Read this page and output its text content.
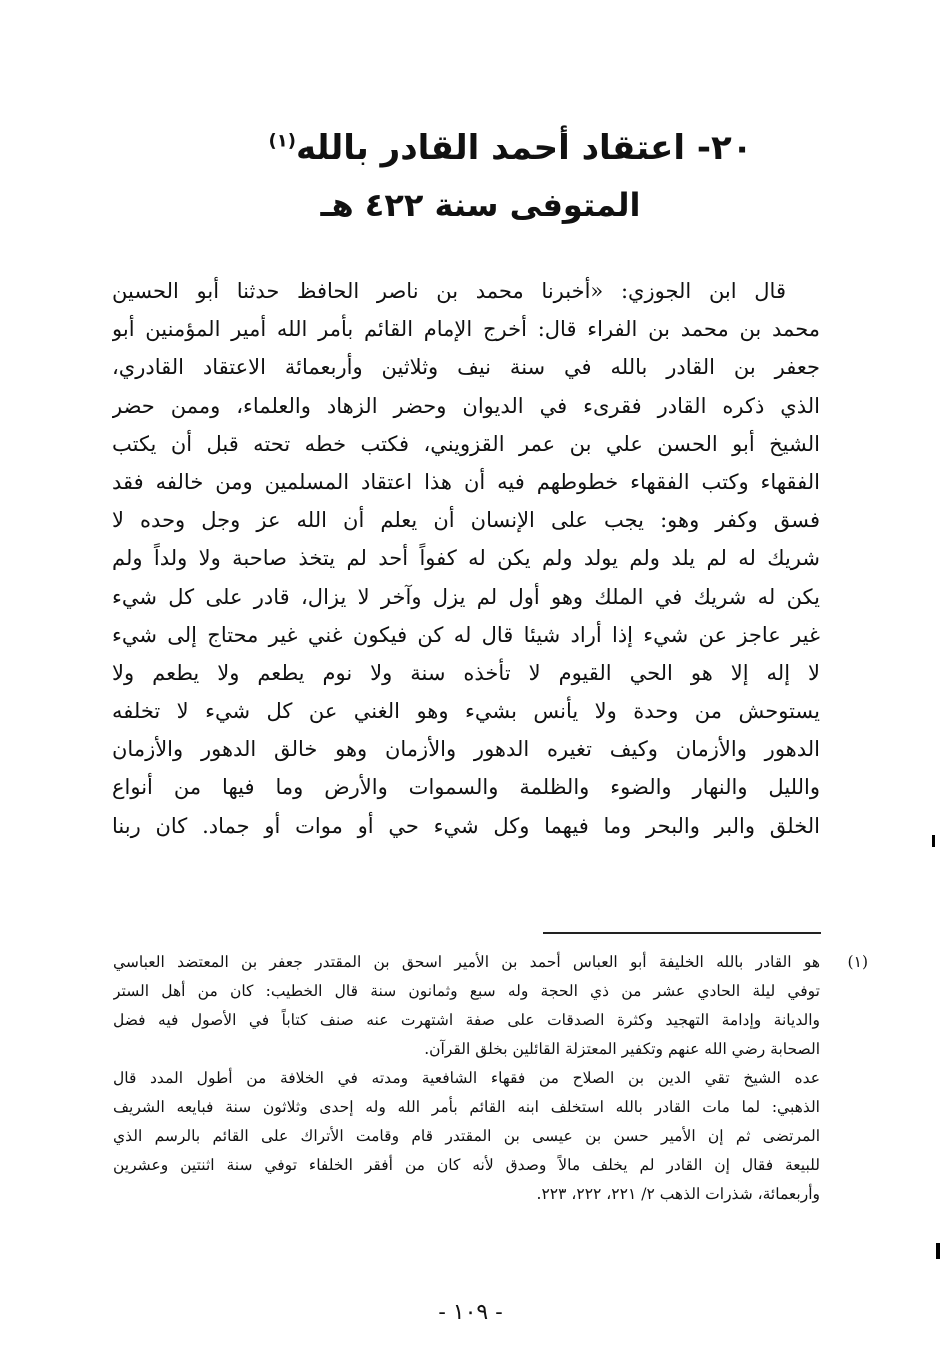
٢٠- اعتقاد أحمد القادر بالله$^{(١)}$
المتوفى سنة ٤٢٢ هـ
قال ابن الجوزي: «أخبرنا محمد بن ناصر الحافظ حدثنا أبو الحسين
محمد بن محمد بن الفراء قال: أخرج الإمام القائم بأمر الله أمير المؤمنين أبو
جعفر بن القادر بالله في سنة نيف وثلاثين وأربعمائة الاعتقاد القادري،
الذي ذكره القادر فقرىء في الديوان وحضر الزهاد والعلماء، وممن حضر
الشيخ أبو الحسن علي بن عمر القزويني، فكتب خطه تحته قبل أن يكتب
الفقهاء وكتب الفقهاء خطوطهم فيه أن هذا اعتقاد المسلمين ومن خالفه فقد
فسق وكفر وهو: يجب على الإنسان أن يعلم أن الله عز وجل وحده لا
شريك له لم يلد ولم يولد ولم يكن له كفواً أحد لم يتخذ صاحبة ولا ولداً ولم
يكن له شريك في الملك وهو أول لم يزل وآخر لا يزال، قادر على كل شيء
غير عاجز عن شيء إذا أراد شيئا قال له كن فيكون غني غير محتاج إلى شيء
لا إله إلا هو الحي القيوم لا تأخذه سنة ولا نوم يطعم ولا يطعم ولا
يستوحش من وحدة ولا يأنس بشيء وهو الغني عن كل شيء لا تخلفه
الدهور والأزمان وكيف تغيره الدهور والأزمان وهو خالق الدهور والأزمان
والليل والنهار والضوء والظلمة والسموات والأرض وما فيها من أنواع
الخلق والبر والبحر وما فيهما وكل شيء حي أو موات أو جماد. كان ربنا
(١)
هو القادر بالله الخليفة أبو العباس أحمد بن الأمير اسحق بن المقتدر جعفر بن المعتضد العباسي
توفي ليلة الحادي عشر من ذي الحجة وله سبع وثمانون سنة قال الخطيب: كان من أهل الستر
والديانة وإدامة التهجيد وكثرة الصدقات على صفة اشتهرت عنه صنف كتاباً في الأصول فيه فضل
الصحابة رضي الله عنهم وتكفير المعتزلة القائلين بخلق القرآن.
عده الشيخ تقي الدين بن الصلاح من فقهاء الشافعية ومدته في الخلافة من أطول المدد قال
الذهبي: لما مات القادر بالله استخلف ابنه القائم بأمر الله وله إحدى وثلاثون سنة فبايعه الشريف
المرتضى ثم إن الأمير حسن بن عيسى بن المقتدر قام وقامت الأتراك على القائم بالرسم الذي
للبيعة فقال إن القادر لم يخلف مالاً وصدق لأنه كان من أفقر الخلفاء توفي سنة اثنتين وعشرين
وأربعمائة، شذرات الذهب ٢/ ٢٢١، ٢٢٢، ٢٢٣.
- ١٠٩ -
